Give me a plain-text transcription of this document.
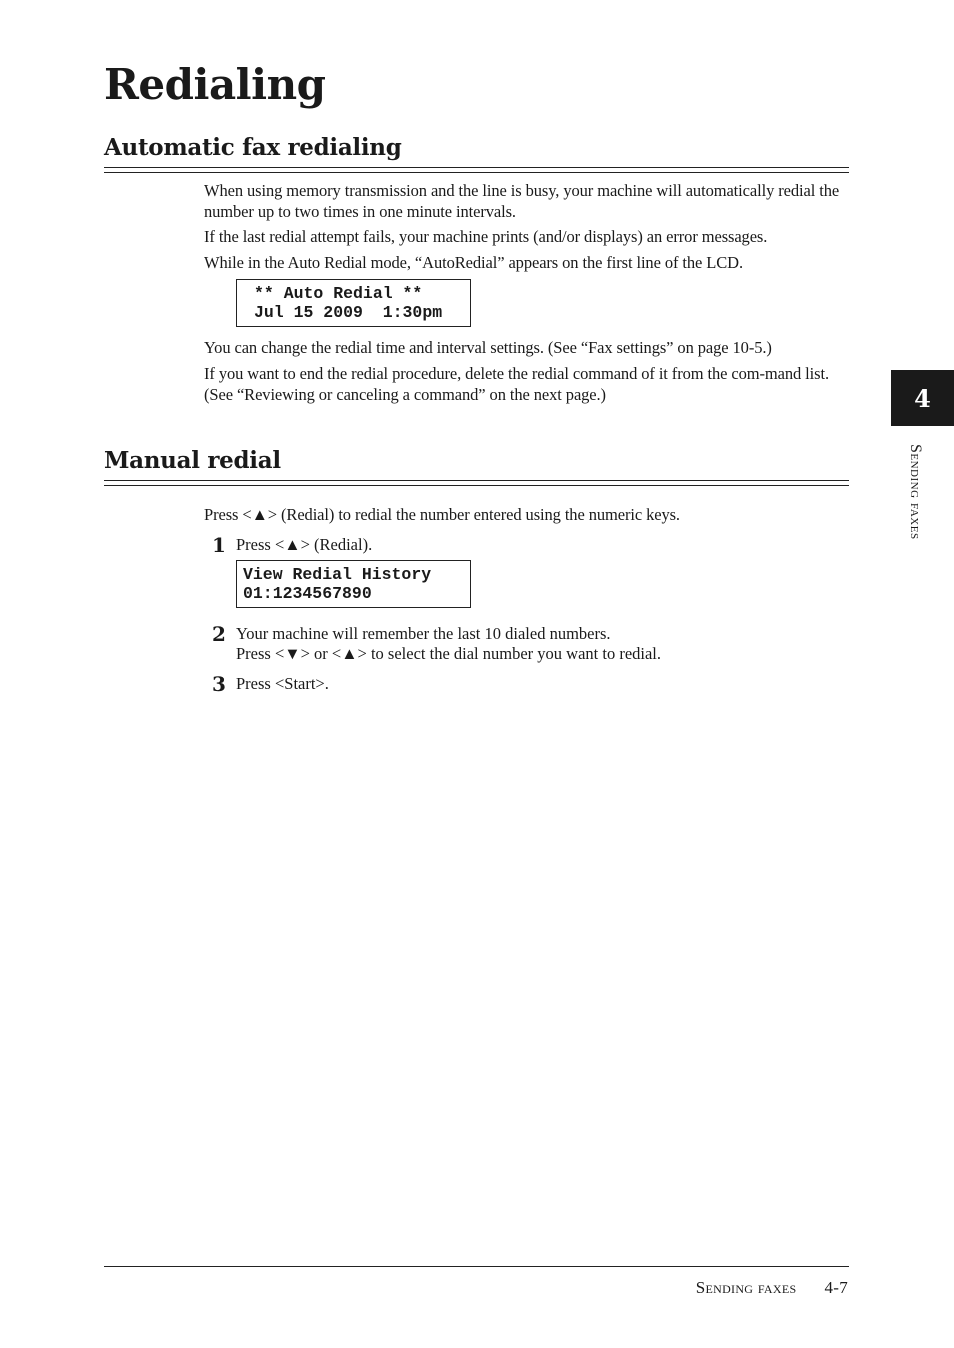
Redialing
Automatic fax redialing

When using memory transmission and the line is busy, your machine will automatically redial the number up to two times in one minute intervals.

If the last redial attempt fails, your machine prints (and/or displays) an error messages.

While in the Auto Redial mode, “AutoRedial” appears on the first line of the LCD.

** Auto Redial **
Jul 15 2009  1:30pm

You can change the redial time and interval settings. (See “Fax settings” on page 10-5.)

If you want to end the redial procedure, delete the redial command of it from the com-mand list. (See “Reviewing or canceling a command” on the next page.)

Manual redial

Press <▲> (Redial) to redial the number entered using the numeric keys.

1 Press <▲> (Redial).

View Redial History
01:1234567890
2 Your machine will remember the last 10 dialed numbers.
Press <▼> or <▲> to select the dial number you want to redial.

3 Press <Start>.

4
Sending faxes
Sending faxes 4-7
